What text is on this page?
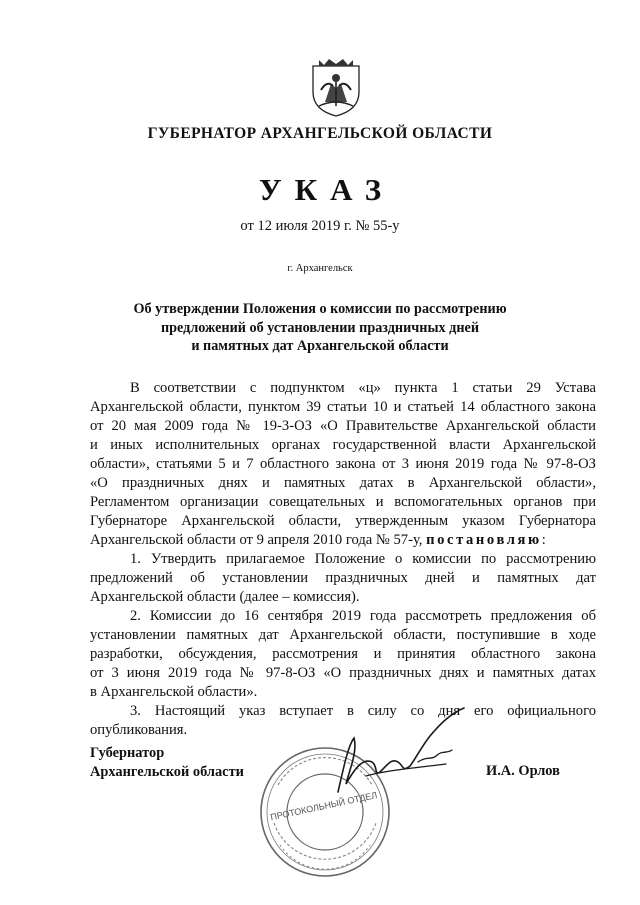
ГУБЕРНАТОР АРХАНГЕЛЬСКОЙ ОБЛАСТИ
УКАЗ
от 12 июля 2019 г. № 55-у
г. Архангельск
Об утверждении Положения о комиссии по рассмотрению
предложений об установлении праздничных дней
и памятных дат Архангельской области
В соответствии с подпунктом «ц» пункта 1 статьи 29 Устава
Архангельской области, пунктом 39 статьи 10 и статьей 14 областного закона
от 20 мая 2009 года № 19-3-ОЗ «О Правительстве Архангельской области
и иных исполнительных органах государственной власти Архангельской
области», статьями 5 и 7 областного закона от 3 июня 2019 года № 97-8-ОЗ
«О праздничных днях и памятных датах в Архангельской области»,
Регламентом организации совещательных и вспомогательных органов при
Губернаторе Архангельской области, утвержденным указом Губернатора
Архангельской области от 9 апреля 2010 года № 57-у, постановляю:
1. Утвердить прилагаемое Положение о комиссии по рассмотрению
предложений об установлении праздничных дней и памятных дат
Архангельской области (далее – комиссия).
2. Комиссии до 16 сентября 2019 года рассмотреть предложения об
установлении памятных дат Архангельской области, поступившие в ходе
разработки, обсуждения, рассмотрения и принятия областного закона
от 3 июня 2019 года № 97-8-ОЗ «О праздничных днях и памятных датах
в Архангельской области».
3. Настоящий указ вступает в силу со дня его официального
опубликования.
Губернатор
Архангельской области	И.А. Орлов
ПРОТОКОЛЬНЫЙ ОТДЕЛ
